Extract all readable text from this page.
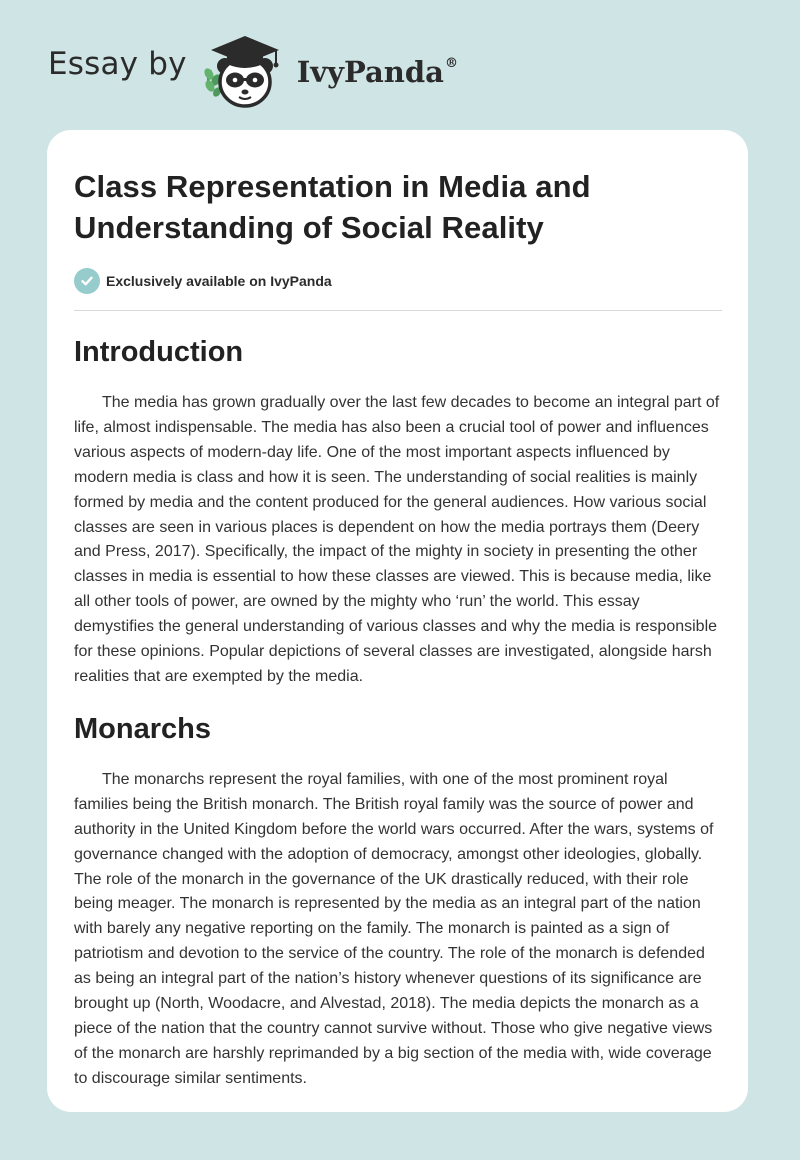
Essay by	IvyPanda®
Class Representation in Media and Understanding of Social Reality
Exclusively available on IvyPanda
Introduction

The media has grown gradually over the last few decades to become an integral part of life, almost indispensable. The media has also been a crucial tool of power and influences various aspects of modern-day life. One of the most important aspects influenced by modern media is class and how it is seen. The understanding of social realities is mainly formed by media and the content produced for the general audiences. How various social classes are seen in various places is dependent on how the media portrays them (Deery and Press, 2017). Specifically, the impact of the mighty in society in presenting the other classes in media is essential to how these classes are viewed. This is because media, like all other tools of power, are owned by the mighty who ‘run’ the world. This essay demystifies the general understanding of various classes and why the media is responsible for these opinions. Popular depictions of several classes are investigated, alongside harsh realities that are exempted by the media.

Monarchs

The monarchs represent the royal families, with one of the most prominent royal families being the British monarch. The British royal family was the source of power and authority in the United Kingdom before the world wars occurred. After the wars, systems of governance changed with the adoption of democracy, amongst other ideologies, globally. The role of the monarch in the governance of the UK drastically reduced, with their role being meager. The monarch is represented by the media as an integral part of the nation with barely any negative reporting on the family. The monarch is painted as a sign of patriotism and devotion to the service of the country. The role of the monarch is defended as being an integral part of the nation’s history whenever questions of its significance are brought up (North, Woodacre, and Alvestad, 2018). The media depicts the monarch as a piece of the nation that the country cannot survive without. Those who give negative views of the monarch are harshly reprimanded by a big section of the media with, wide coverage to discourage similar sentiments.
